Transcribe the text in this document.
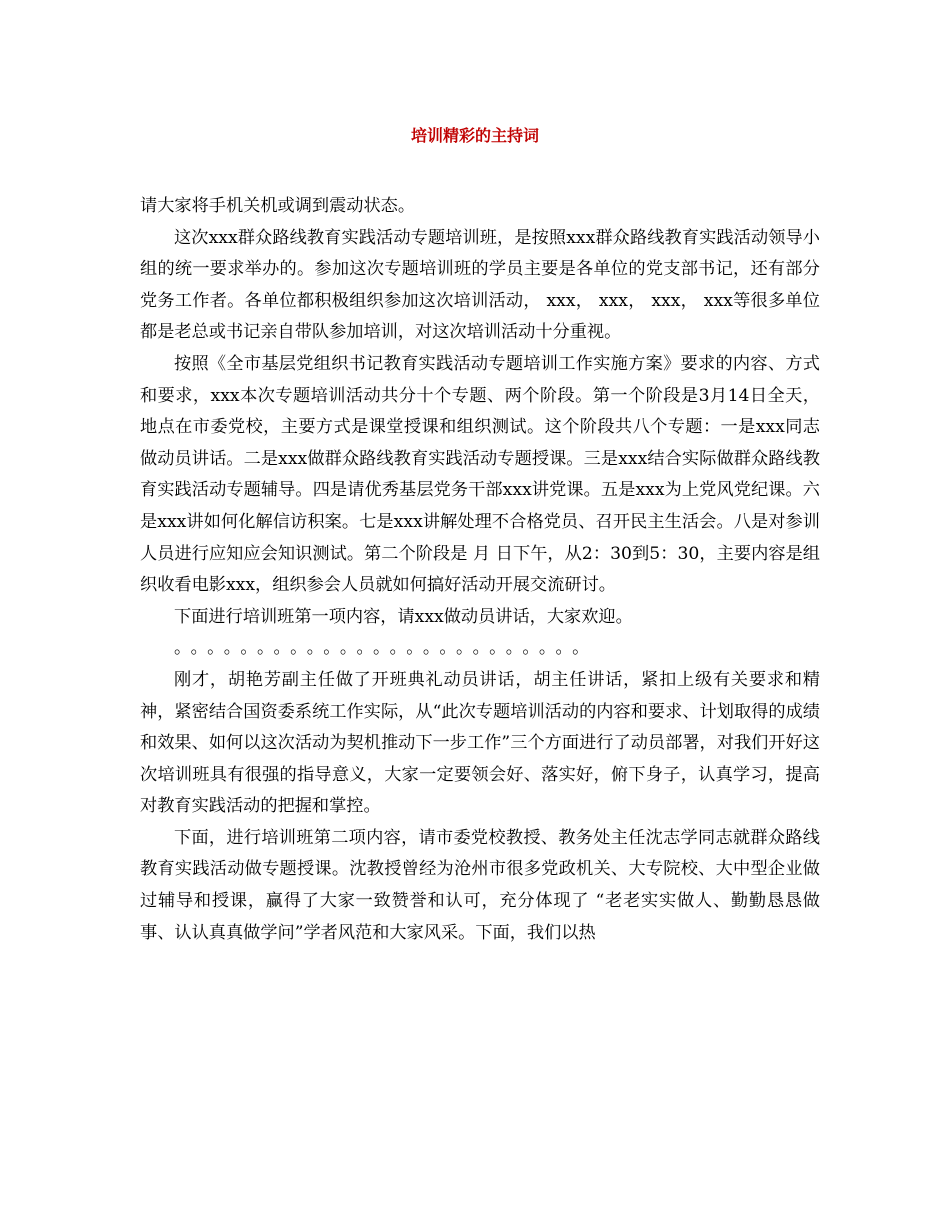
培训精彩的主持词

请大家将手机关机或调到震动状态。

这次xxx群众路线教育实践活动专题培训班，是按照xxx群众路线教育实践活动领导小组的统一要求举办的。参加这次专题培训班的学员主要是各单位的党支部书记，还有部分党务工作者。各单位都积极组织参加这次培训活动， xxx， xxx， xxx， xxx等很多单位都是老总或书记亲自带队参加培训，对这次培训活动十分重视。

按照《全市基层党组织书记教育实践活动专题培训工作实施方案》要求的内容、方式和要求，xxx本次专题培训活动共分十个专题、两个阶段。第一个阶段是3月14日全天，地点在市委党校，主要方式是课堂授课和组织测试。这个阶段共八个专题：一是xxx同志做动员讲话。二是xxx做群众路线教育实践活动专题授课。三是xxx结合实际做群众路线教育实践活动专题辅导。四是请优秀基层党务干部xxx讲党课。五是xxx为上党风党纪课。六是xxx讲如何化解信访积案。七是xxx讲解处理不合格党员、召开民主生活会。八是对参训人员进行应知应会知识测试。第二个阶段是 月 日下午，从2：30到5：30，主要内容是组织收看电影xxx，组织参会人员就如何搞好活动开展交流研讨。

下面进行培训班第一项内容，请xxx做动员讲话，大家欢迎。

。。。。。。。。。。。。。。。。。。。。。。。。。

刚才，胡艳芳副主任做了开班典礼动员讲话，胡主任讲话，紧扣上级有关要求和精神，紧密结合国资委系统工作实际，从“此次专题培训活动的内容和要求、计划取得的成绩和效果、如何以这次活动为契机推动下一步工作”三个方面进行了动员部署，对我们开好这次培训班具有很强的指导意义，大家一定要领会好、落实好，俯下身子，认真学习，提高对教育实践活动的把握和掌控。

下面，进行培训班第二项内容，请市委党校教授、教务处主任沈志学同志就群众路线教育实践活动做专题授课。沈教授曾经为沧州市很多党政机关、大专院校、大中型企业做过辅导和授课，赢得了大家一致赞誉和认可，充分体现了 “老老实实做人、勤勤恳恳做事、认认真真做学问”学者风范和大家风采。下面，我们以热
